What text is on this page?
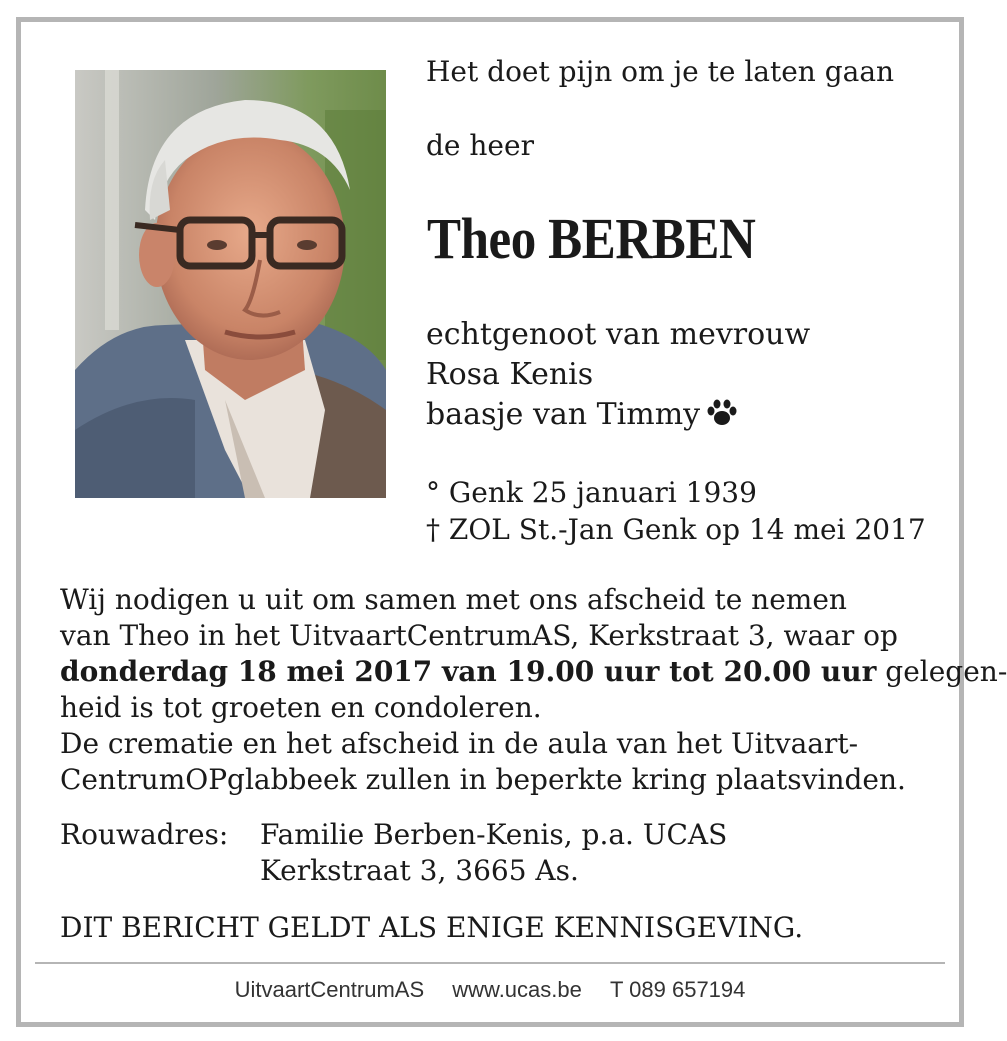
Het doet pijn om je te laten gaan
de heer
Theo BERBEN
echtgenoot van mevrouw
Rosa Kenis
baasje van Timmy
° Genk 25 januari 1939
† ZOL St.-Jan Genk op 14 mei 2017
Wij nodigen u uit om samen met ons afscheid te nemen
van Theo in het UitvaartCentrumAS, Kerkstraat 3, waar op
donderdag 18 mei 2017 van 19.00 uur tot 20.00 uur gelegen-
heid is tot groeten en condoleren.
De crematie en het afscheid in de aula van het Uitvaart-
CentrumOPglabbeek zullen in beperkte kring plaatsvinden.
Rouwadres: Familie Berben-Kenis, p.a. UCAS
Kerkstraat 3, 3665 As.
DIT BERICHT GELDT ALS ENIGE KENNISGEVING.
UitvaartCentrumAS www.ucas.be T 089 657194
